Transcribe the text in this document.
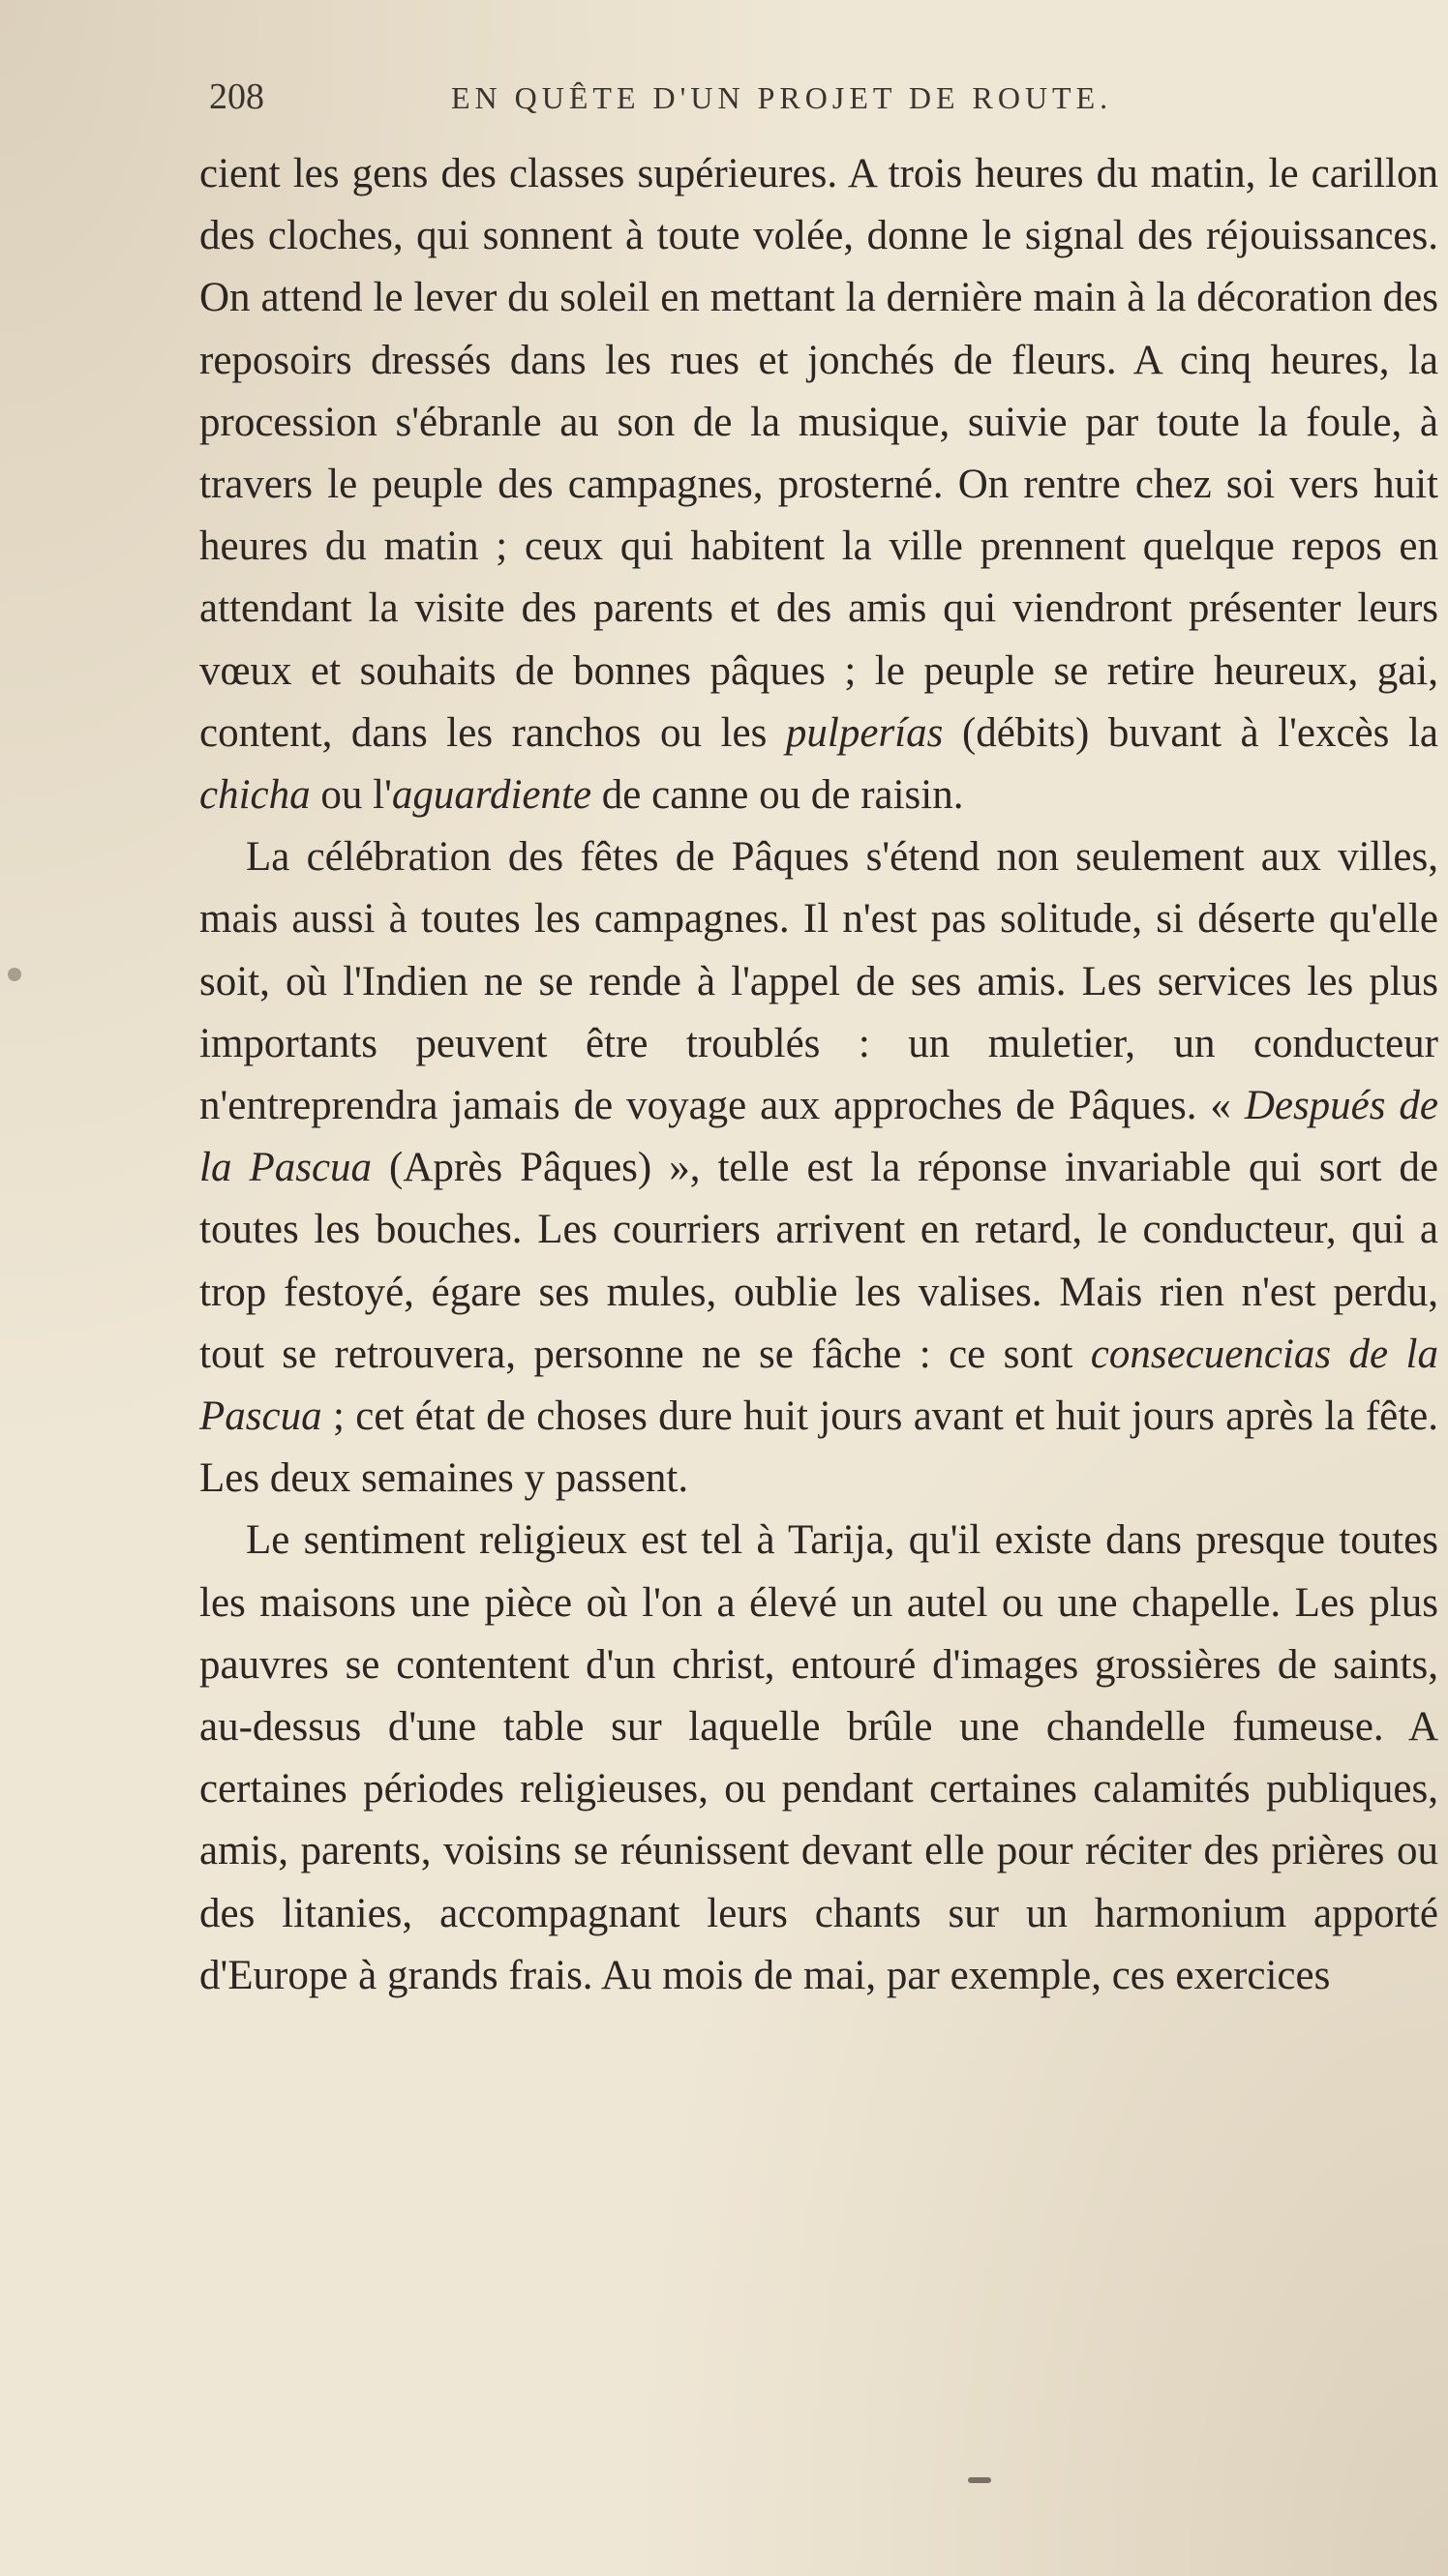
208	EN QUÊTE D'UN PROJET DE ROUTE.

cient les gens des classes supérieures. A trois heures du matin, le carillon des cloches, qui sonnent à toute volée, donne le signal des réjouissances. On attend le lever du soleil en mettant la dernière main à la décoration des reposoirs dressés dans les rues et jonchés de fleurs. A cinq heures, la procession s'ébranle au son de la musique, suivie par toute la foule, à travers le peuple des campagnes, prosterné. On rentre chez soi vers huit heures du matin ; ceux qui habitent la ville prennent quelque repos en attendant la visite des parents et des amis qui viendront présenter leurs vœux et souhaits de bonnes pâques ; le peuple se retire heureux, gai, content, dans les ranchos ou les pulperías (débits) buvant à l'excès la chicha ou l'aguardiente de canne ou de raisin.

La célébration des fêtes de Pâques s'étend non seulement aux villes, mais aussi à toutes les campagnes. Il n'est pas solitude, si déserte qu'elle soit, où l'Indien ne se rende à l'appel de ses amis. Les services les plus importants peuvent être troublés : un muletier, un conducteur n'entreprendra jamais de voyage aux approches de Pâques. « Después de la Pascua (Après Pâques) », telle est la réponse invariable qui sort de toutes les bouches. Les courriers arrivent en retard, le conducteur, qui a trop festoyé, égare ses mules, oublie les valises. Mais rien n'est perdu, tout se retrouvera, personne ne se fâche : ce sont consecuencias de la Pascua ; cet état de choses dure huit jours avant et huit jours après la fête. Les deux semaines y passent.

Le sentiment religieux est tel à Tarija, qu'il existe dans presque toutes les maisons une pièce où l'on a élevé un autel ou une chapelle. Les plus pauvres se contentent d'un christ, entouré d'images grossières de saints, au-dessus d'une table sur laquelle brûle une chandelle fumeuse. A certaines périodes religieuses, ou pendant certaines calamités publiques, amis, parents, voisins se réunissent devant elle pour réciter des prières ou des litanies, accompagnant leurs chants sur un harmonium apporté d'Europe à grands frais. Au mois de mai, par exemple, ces exercices
